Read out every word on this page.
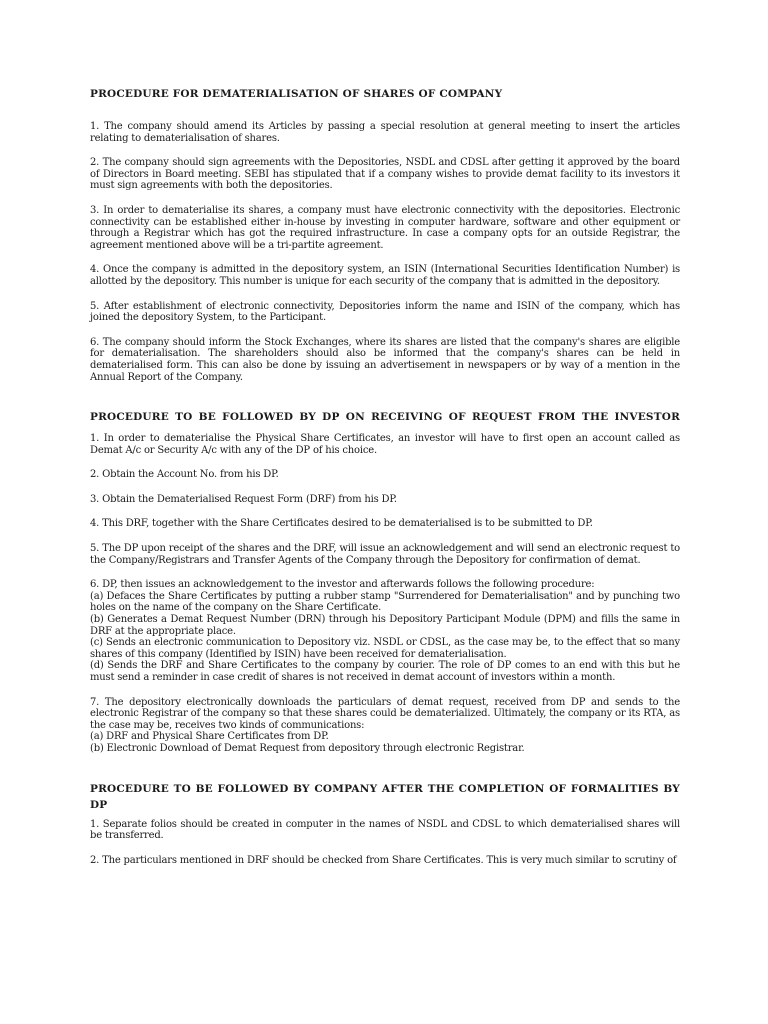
PROCEDURE FOR DEMATERIALISATION OF SHARES OF COMPANY

1. The company should amend its Articles by passing a special resolution at general meeting to insert the articles relating to dematerialisation of shares.

2. The company should sign agreements with the Depositories, NSDL and CDSL after getting it approved by the board of Directors in Board meeting. SEBI has stipulated that if a company wishes to provide demat facility to its investors it must sign agreements with both the depositories.

3. In order to dematerialise its shares, a company must have electronic connectivity with the depositories. Electronic connectivity can be established either in-house by investing in computer hardware, software and other equipment or through a Registrar which has got the required infrastructure. In case a company opts for an outside Registrar, the agreement mentioned above will be a tri-partite agreement.

4. Once the company is admitted in the depository system, an ISIN (International Securities Identification Number) is allotted by the depository. This number is unique for each security of the company that is admitted in the depository.

5. After establishment of electronic connectivity, Depositories inform the name and ISIN of the company, which has joined the depository System, to the Participant.

6. The company should inform the Stock Exchanges, where its shares are listed that the company's shares are eligible for dematerialisation. The shareholders should also be informed that the company's shares can be held in dematerialised form. This can also be done by issuing an advertisement in newspapers or by way of a mention in the Annual Report of the Company.

PROCEDURE TO BE FOLLOWED BY DP ON RECEIVING OF REQUEST FROM THE INVESTOR

1. In order to dematerialise the Physical Share Certificates, an investor will have to first open an account called as Demat A/c or Security A/c with any of the DP of his choice.

2. Obtain the Account No. from his DP.

3. Obtain the Dematerialised Request Form (DRF) from his DP.

4. This DRF, together with the Share Certificates desired to be dematerialised is to be submitted to DP.

5. The DP upon receipt of the shares and the DRF, will issue an acknowledgement and will send an electronic request to the Company/Registrars and Transfer Agents of the Company through the Depository for confirmation of demat.

6. DP, then issues an acknowledgement to the investor and afterwards follows the following procedure:
(a) Defaces the Share Certificates by putting a rubber stamp "Surrendered for Dematerialisation" and by punching two holes on the name of the company on the Share Certificate.
(b) Generates a Demat Request Number (DRN) through his Depository Participant Module (DPM) and fills the same in DRF at the appropriate place.
(c) Sends an electronic communication to Depository viz. NSDL or CDSL, as the case may be, to the effect that so many shares of this company (Identified by ISIN) have been received for dematerialisation.
(d) Sends the DRF and Share Certificates to the company by courier. The role of DP comes to an end with this but he must send a reminder in case credit of shares is not received in demat account of investors within a month.
7. The depository electronically downloads the particulars of demat request, received from DP and sends to the electronic Registrar of the company so that these shares could be dematerialized. Ultimately, the company or its RTA, as the case may be, receives two kinds of communications:
(a) DRF and Physical Share Certificates from DP.
(b) Electronic Download of Demat Request from depository through electronic Registrar.

PROCEDURE TO BE FOLLOWED BY COMPANY AFTER THE COMPLETION OF FORMALITIES BY DP

1. Separate folios should be created in computer in the names of NSDL and CDSL to which dematerialised shares will be transferred.

2. The particulars mentioned in DRF should be checked from Share Certificates. This is very much similar to scrutiny of
